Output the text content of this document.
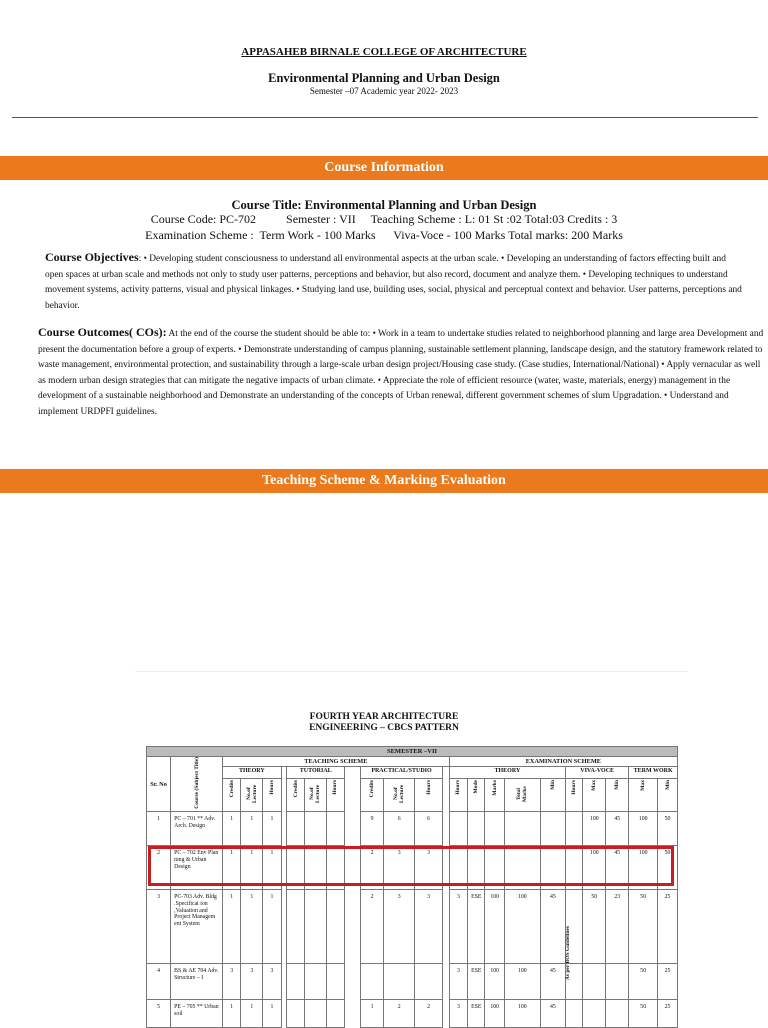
APPASAHEB BIRNALE COLLEGE OF ARCHITECTURE
Environmental Planning and Urban Design
Semester –07 Academic year 2022- 2023
Course Information
Course Title: Environmental Planning and Urban Design
Course Code: PC-702          Semester : VII     Teaching Scheme : L: 01 St :02 Total:03 Credits : 3
Examination Scheme :  Term Work - 100 Marks      Viva-Voce - 100 Marks Total marks: 200 Marks
Course Objectives: • Developing student consciousness to understand all environmental aspects at the urban scale. • Developing an understanding of factors effecting built and open spaces at urban scale and methods not only to study user patterns, perceptions and behavior, but also record, document and analyze them. • Developing techniques to understand movement systems, activity patterns, visual and physical linkages. • Studying land use, building uses, social, physical and perceptual context and behavior. User patterns, perceptions and behavior.
Course Outcomes( COs): At the end of the course the student should be able to: • Work in a team to undertake studies related to neighborhood planning and large area Development and present the documentation before a group of experts. • Demonstrate understanding of campus planning, sustainable settlement planning, landscape design, and the statutory framework related to waste management, environmental protection, and sustainability through a large-scale urban design project/Housing case study. (Case studies, International/National) • Apply vernacular as well as modern urban design strategies that can mitigate the negative impacts of urban climate. • Appreciate the role of efficient resource (water, waste, materials, energy) management in the development of a sustainable neighborhood and Demonstrate an understanding of the concepts of Urban renewal, different government schemes of slum Upgradation. • Understand and implement URDPFI guidelines.
Teaching Scheme & Marking Evaluation
FOURTH YEAR ARCHITECTURE
ENGINEERING – CBCS PATTERN
SEMESTER –VII																							
Sr. No	Course (Subject Title)	TEACHING SCHEME												EXAMINATION SCHEME									
		THEORY				TUTORIAL				PRACTICAL/STUDIO				THEORY					VIVA-VOCE			TERM WORK	
		Credits	No.of Lecture	Hours		Credits	No.of Lecture	Hours		Credits	No.of Lecture	Hours		Hours	Mode	Marks	Total Marks	Min	Hours	Max	Min	Max	Min
1	PC – 701 ** Adv. Arch. Design	1	1	1						9	6	6								100	45	100	50
2	PC – 702 Env Plan ning & Urban Design	1	1	1						2	3	3								100	45	100	50
3	PC-703 Adv. Bldg .Specificat ion ,Valuation and Project Managem ent System	1	1	1						2	3	3		3	ESE	100	100	45		50	23	50	25
4	BS & AE 704 Adv. Structure – I	3	3	3										3	ESE	100	100	45				50	25
5	PE – 705 ** Urban soil	1	1	1						1	2	2		3	ESE	100	100	45				50	25
As per BOS Guidelines
